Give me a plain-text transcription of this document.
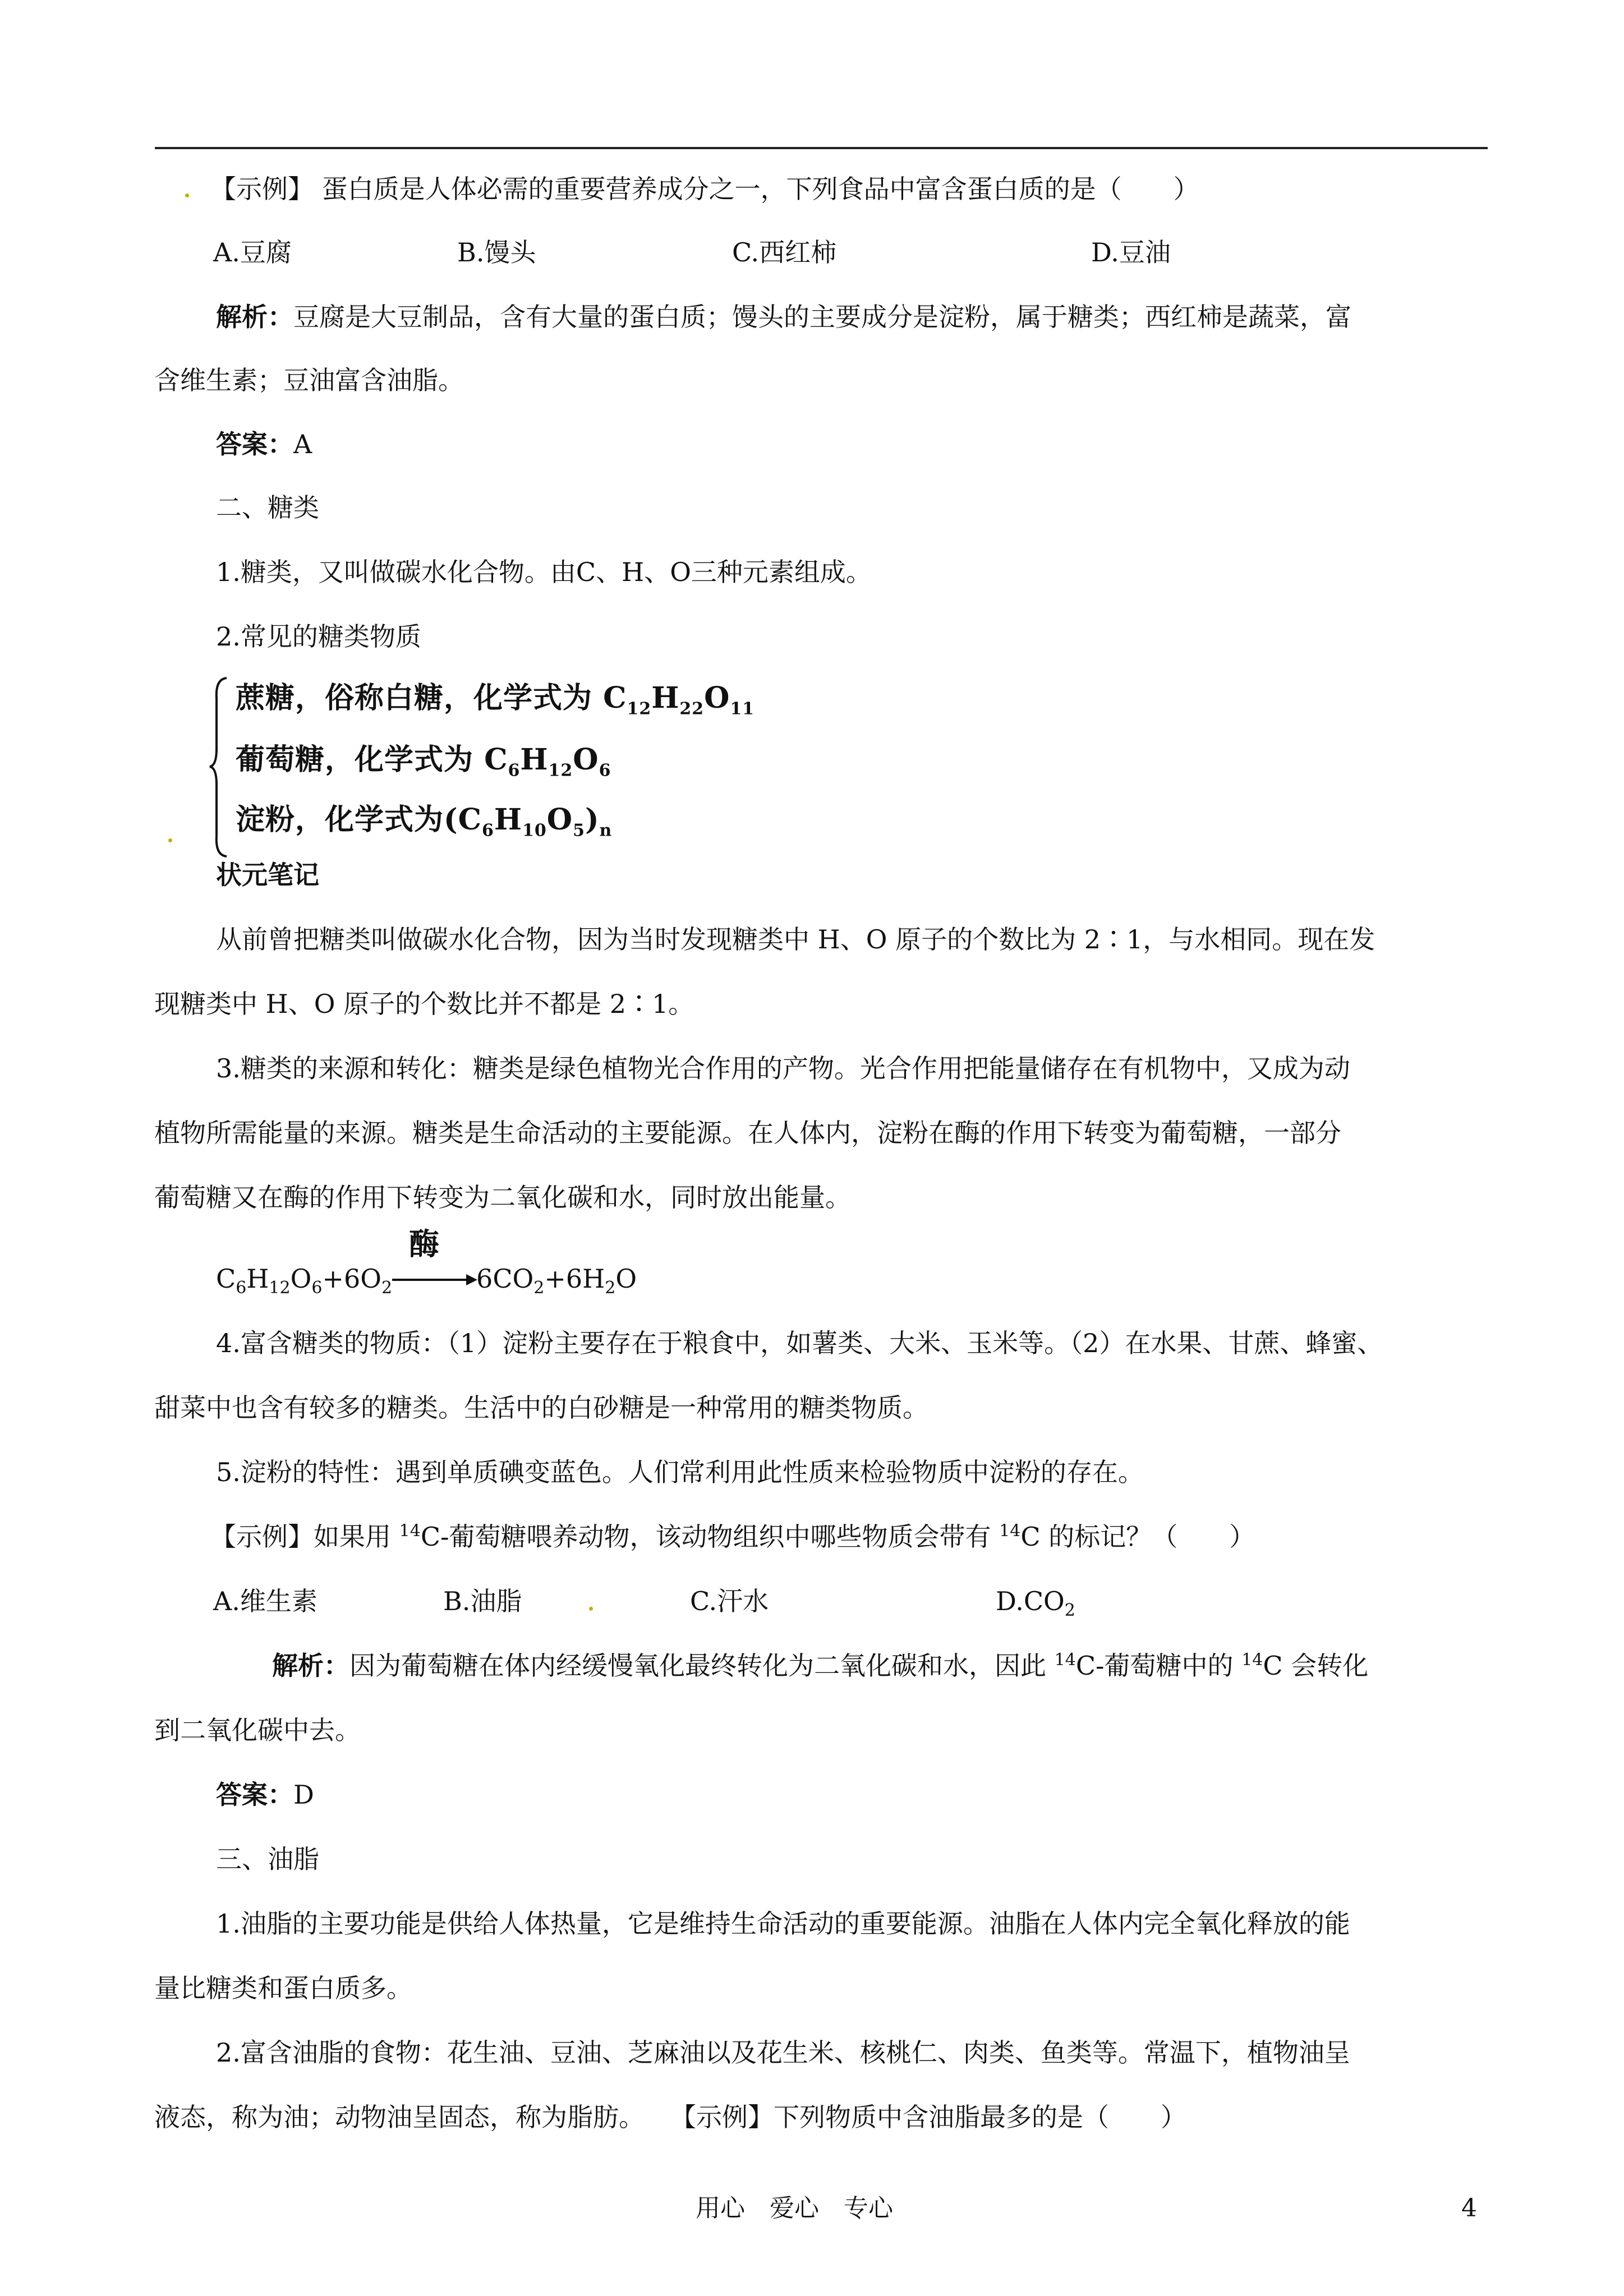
【示例】 蛋白质是人体必需的重要营养成分之一，下列食品中富含蛋白质的是（　　）
A.豆腐	B.馒头	C.西红柿	D.豆油
解析：豆腐是大豆制品，含有大量的蛋白质；馒头的主要成分是淀粉，属于糖类；西红柿是蔬菜，富
含维生素；豆油富含油脂。
答案：A
二、糖类
1.糖类，又叫做碳水化合物。由C、H、O三种元素组成。
2.常见的糖类物质
蔗糖，俗称白糖，化学式为 $C_{12}H_{22}O_{11}$
葡萄糖，化学式为 $C_6H_{12}O_6$
淀粉，化学式为$(C_6H_{10}O_5)_n$
状元笔记
从前曾把糖类叫做碳水化合物，因为当时发现糖类中 H、O 原子的个数比为 2∶1，与水相同。现在发
现糖类中 H、O 原子的个数比并不都是 2∶1。
3.糖类的来源和转化：糖类是绿色植物光合作用的产物。光合作用把能量储存在有机物中，又成为动
植物所需能量的来源。糖类是生命活动的主要能源。在人体内，淀粉在酶的作用下转变为葡萄糖，一部分
葡萄糖又在酶的作用下转变为二氧化碳和水，同时放出能量。
$C_6H_{12}O_6+6O_2$
酶
$6CO_2+6H_2O$
4.富含糖类的物质：（1）淀粉主要存在于粮食中，如薯类、大米、玉米等。（2）在水果、甘蔗、蜂蜜、
甜菜中也含有较多的糖类。生活中的白砂糖是一种常用的糖类物质。
5.淀粉的特性：遇到单质碘变蓝色。人们常利用此性质来检验物质中淀粉的存在。
【示例】如果用 $^{14}$C-葡萄糖喂养动物，该动物组织中哪些物质会带有 $^{14}$C 的标记？（　　）
A.维生素	B.油脂	C.汗水	$D.CO_2$
解析：因为葡萄糖在体内经缓慢氧化最终转化为二氧化碳和水，因此 $^{14}$C-葡萄糖中的 $^{14}$C 会转化
到二氧化碳中去。
答案：D
三、油脂
1.油脂的主要功能是供给人体热量，它是维持生命活动的重要能源。油脂在人体内完全氧化释放的能
量比糖类和蛋白质多。
2.富含油脂的食物：花生油、豆油、芝麻油以及花生米、核桃仁、肉类、鱼类等。常温下，植物油呈
液态，称为油；动物油呈固态，称为脂肪。　　【示例】下列物质中含油脂最多的是（　　）
用心　爱心　专心	4
